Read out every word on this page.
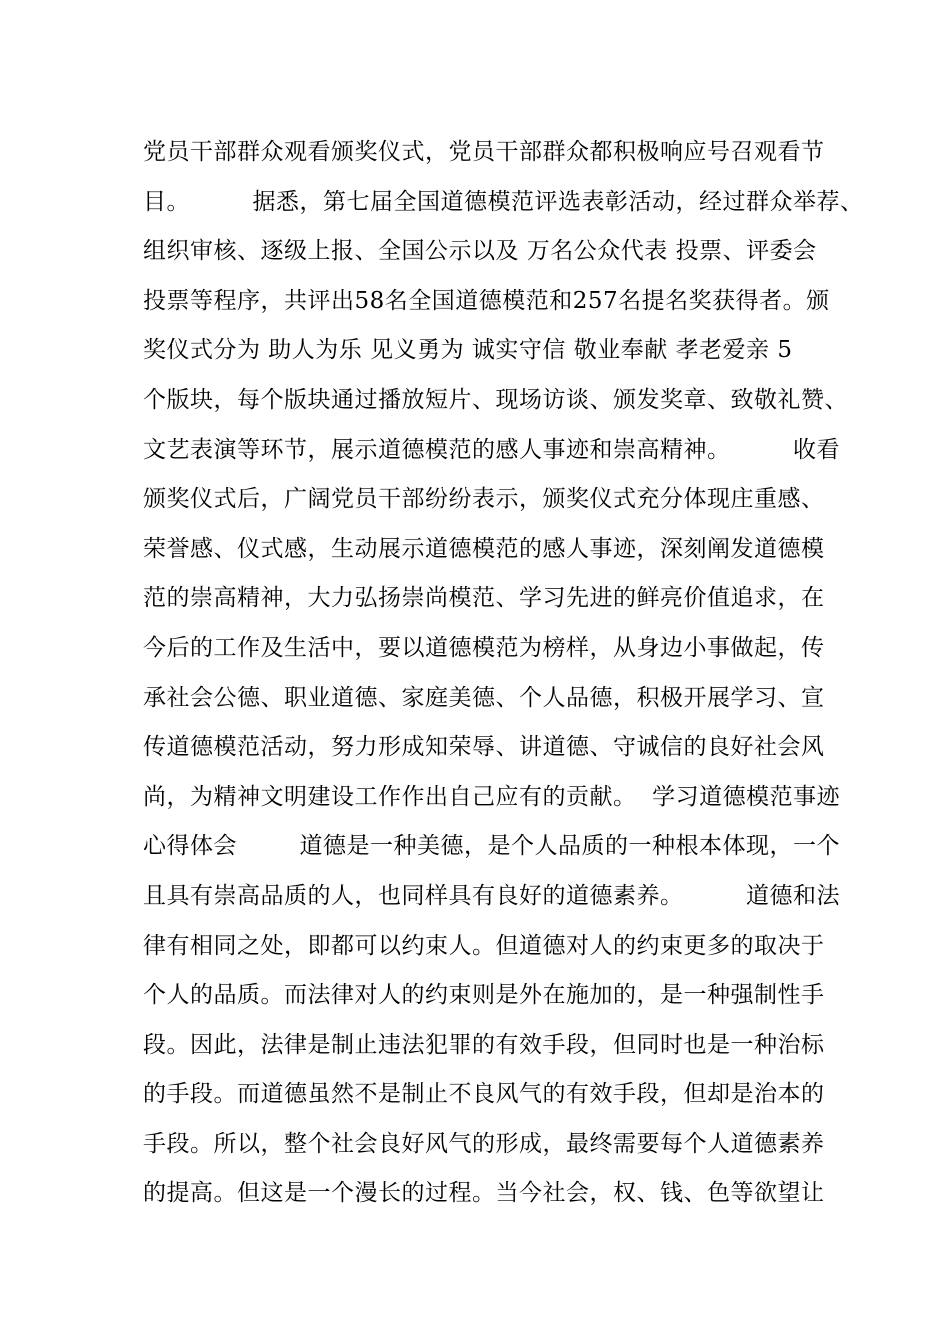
党员干部群众观看颁奖仪式，党员干部群众都积极响应号召观看节
目。        据悉，第七届全国道德模范评选表彰活动，经过群众举荐、
组织审核、逐级上报、全国公示以及 万名公众代表 投票、评委会
投票等程序，共评出58名全国道德模范和257名提名奖获得者。颁
奖仪式分为 助人为乐 见义勇为 诚实守信 敬业奉献 孝老爱亲 5
个版块，每个版块通过播放短片、现场访谈、颁发奖章、致敬礼赞、
文艺表演等环节，展示道德模范的感人事迹和崇高精神。        收看
颁奖仪式后，广阔党员干部纷纷表示，颁奖仪式充分体现庄重感、
荣誉感、仪式感，生动展示道德模范的感人事迹，深刻阐发道德模
范的崇高精神，大力弘扬崇尚模范、学习先进的鲜亮价值追求，在
今后的工作及生活中，要以道德模范为榜样，从身边小事做起，传
承社会公德、职业道德、家庭美德、个人品德，积极开展学习、宣
传道德模范活动，努力形成知荣辱、讲道德、守诚信的良好社会风
尚，为精神文明建设工作作出自己应有的贡献。  学习道德模范事迹
心得体会        道德是一种美德，是个人品质的一种根本体现，一个
且具有崇高品质的人，也同样具有良好的道德素养。        道德和法
律有相同之处，即都可以约束人。但道德对人的约束更多的取决于
个人的品质。而法律对人的约束则是外在施加的，是一种强制性手
段。因此，法律是制止违法犯罪的有效手段，但同时也是一种治标
的手段。而道德虽然不是制止不良风气的有效手段，但却是治本的
手段。所以，整个社会良好风气的形成，最终需要每个人道德素养
的提高。但这是一个漫长的过程。当今社会，权、钱、色等欲望让
